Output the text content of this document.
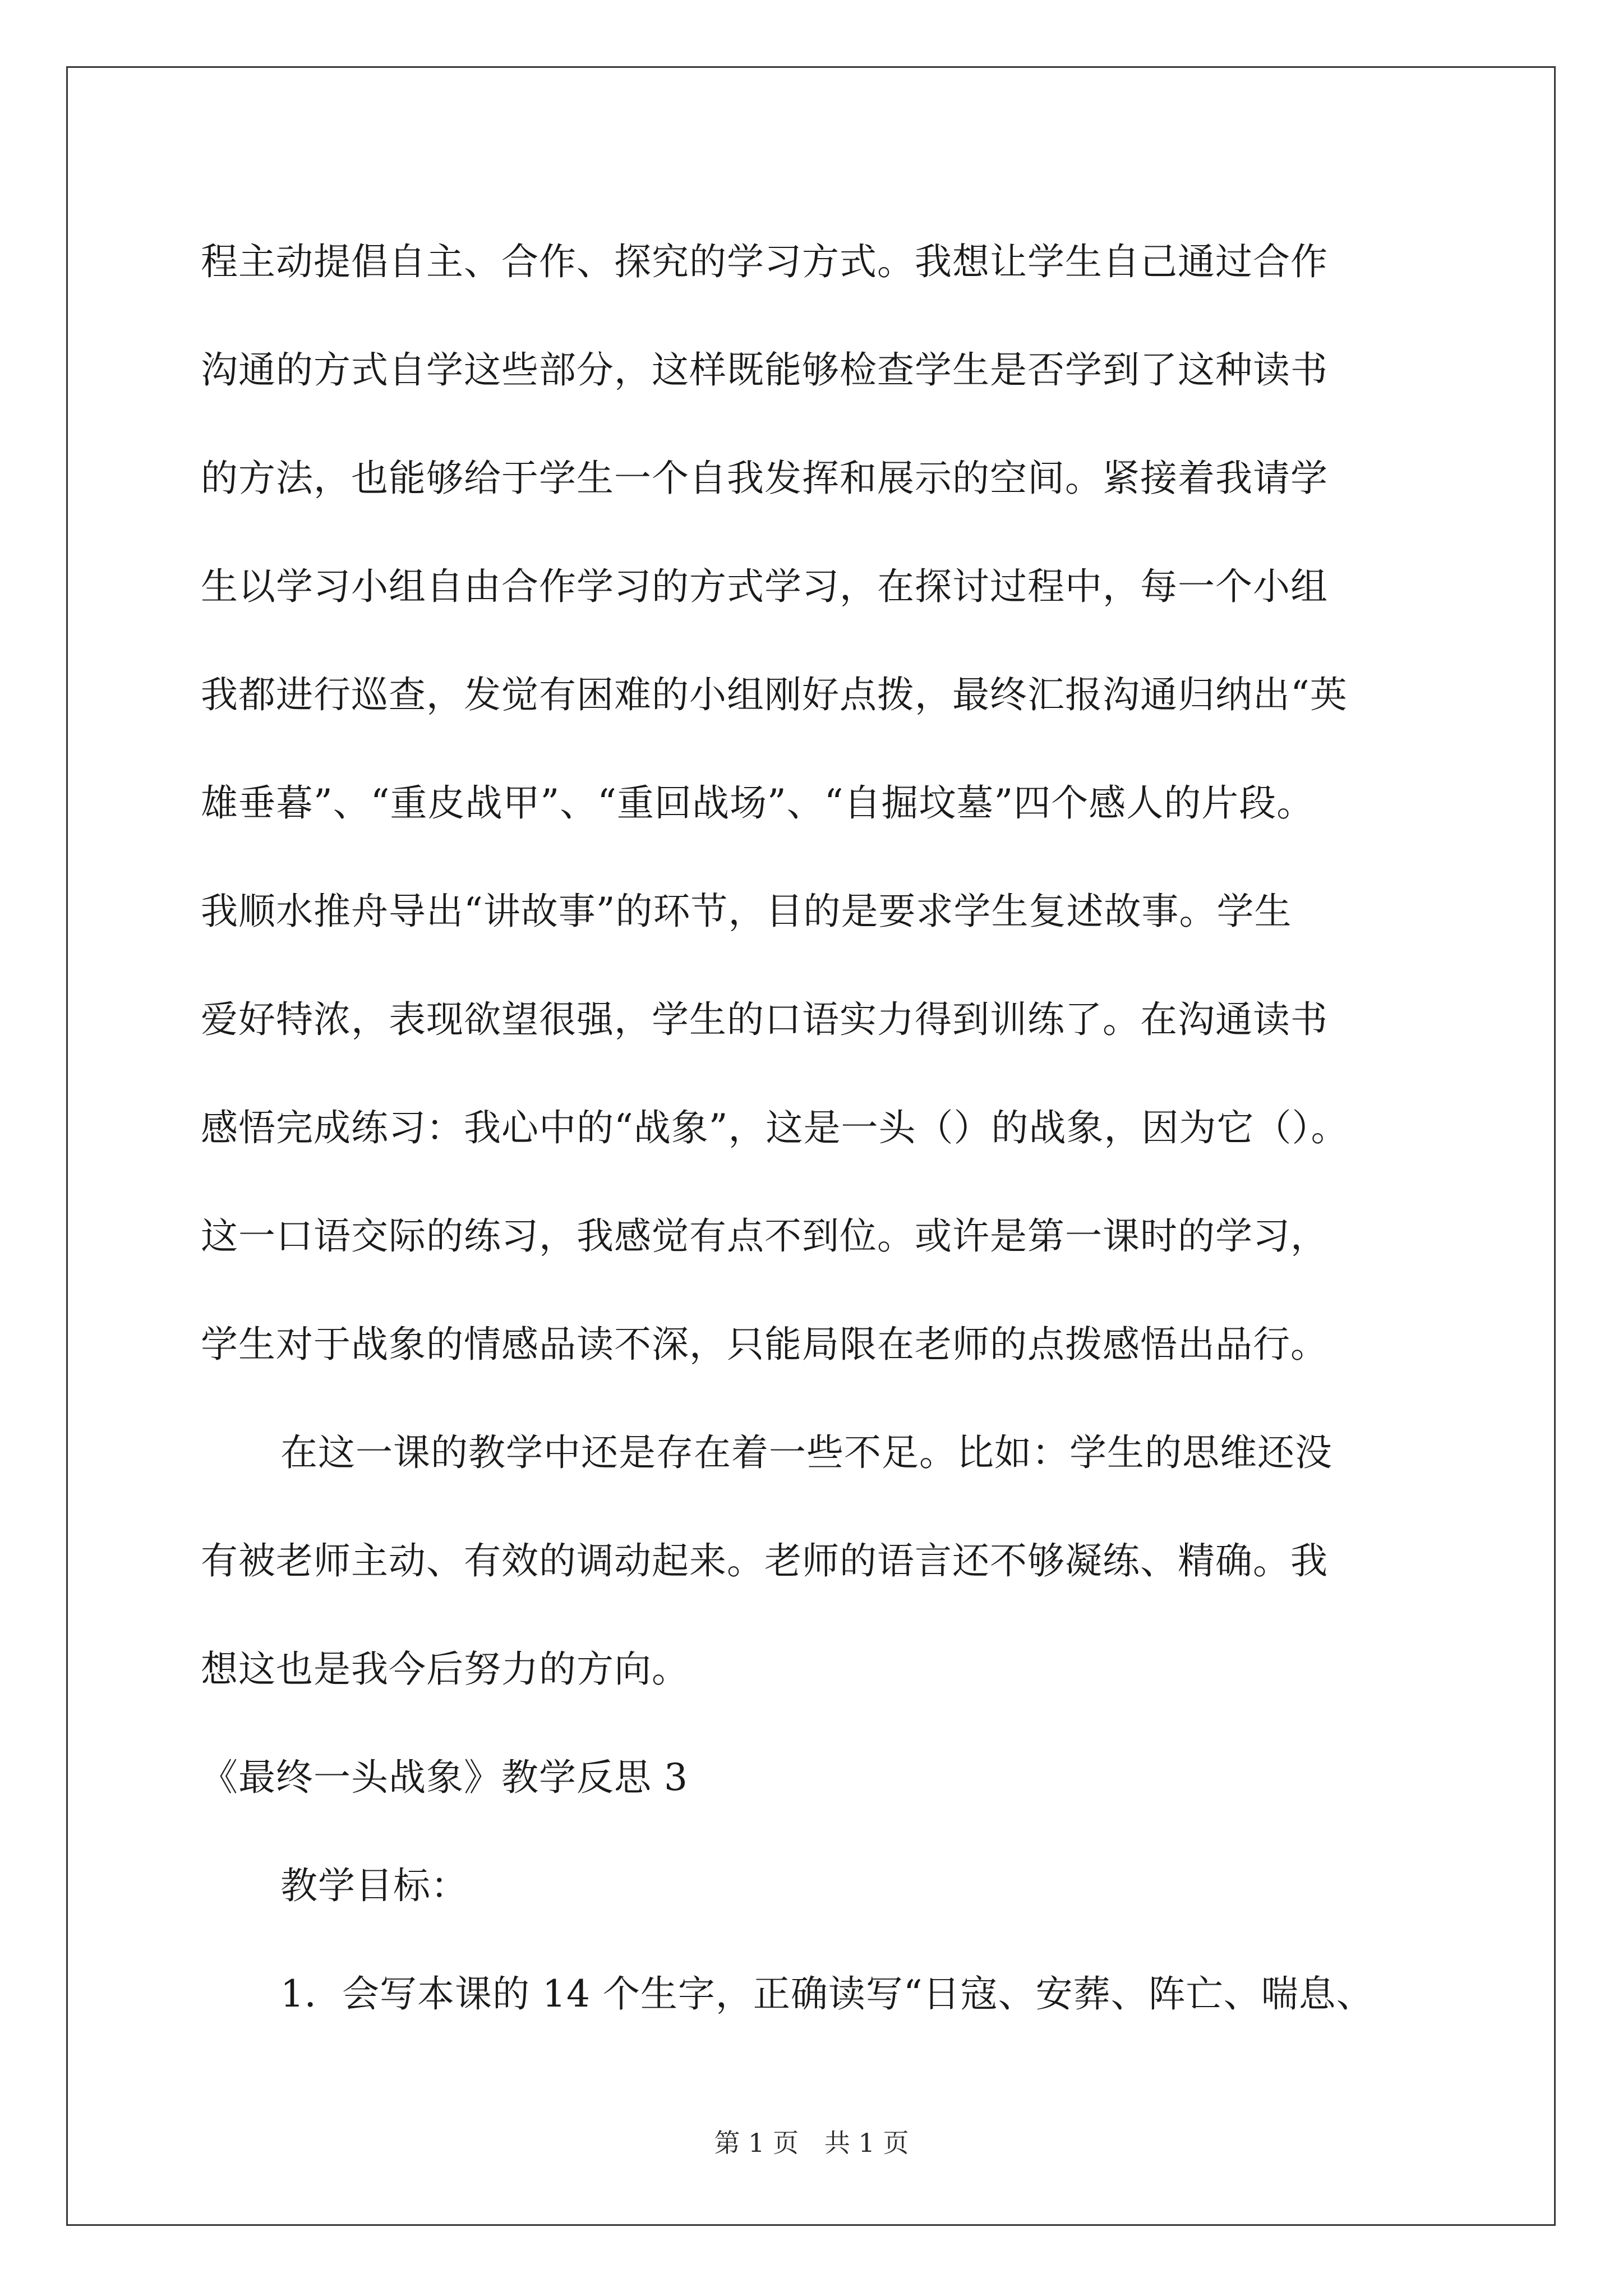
程主动提倡自主、合作、探究的学习方式。我想让学生自己通过合作
沟通的方式自学这些部分，这样既能够检查学生是否学到了这种读书
的方法，也能够给于学生一个自我发挥和展示的空间。紧接着我请学
生以学习小组自由合作学习的方式学习，在探讨过程中，每一个小组
我都进行巡查，发觉有困难的小组刚好点拨，最终汇报沟通归纳出“英
雄垂暮”、“重皮战甲”、“重回战场”、“自掘坟墓”四个感人的片段。
我顺水推舟导出“讲故事”的环节，目的是要求学生复述故事。学生
爱好特浓，表现欲望很强，学生的口语实力得到训练了。在沟通读书
感悟完成练习：我心中的“战象”，这是一头（）的战象，因为它（）。
这一口语交际的练习，我感觉有点不到位。或许是第一课时的学习，
学生对于战象的情感品读不深，只能局限在老师的点拨感悟出品行。
在这一课的教学中还是存在着一些不足。比如：学生的思维还没
有被老师主动、有效的调动起来。老师的语言还不够凝练、精确。我
想这也是我今后努力的方向。
《最终一头战象》教学反思 3
教学目标：
1．会写本课的 14 个生字，正确读写“日寇、安葬、阵亡、喘息、
第 1 页 共 1 页
